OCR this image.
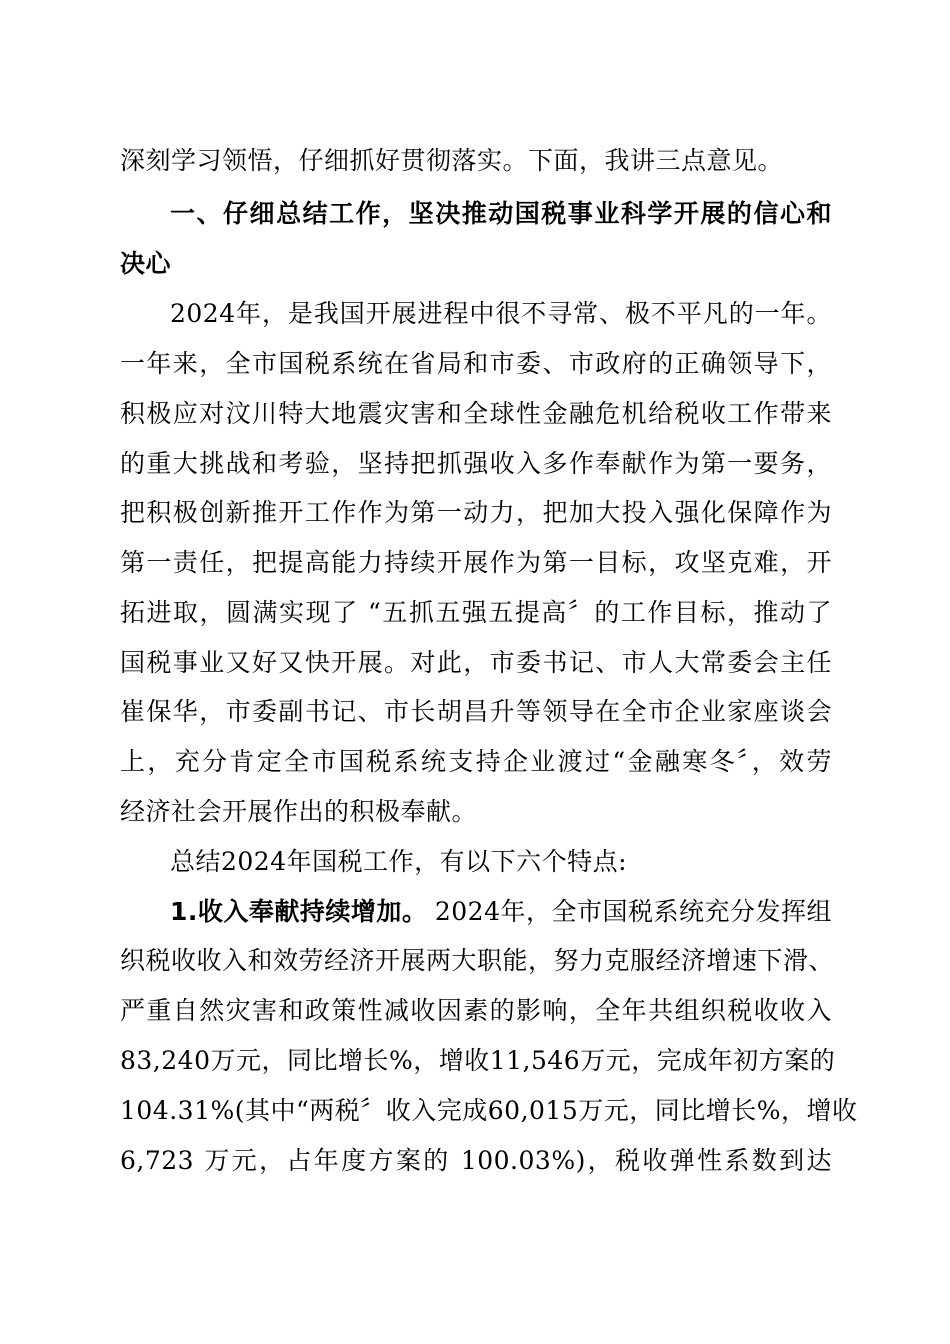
深刻学习领悟，仔细抓好贯彻落实。下面，我讲三点意见。
一、仔细总结工作，坚决推动国税事业科学开展的信心和
决心
2024年，是我国开展进程中很不寻常、极不平凡的一年。
一年来，全市国税系统在省局和市委、市政府的正确领导下，
积极应对汶川特大地震灾害和全球性金融危机给税收工作带来
的重大挑战和考验，坚持把抓强收入多作奉献作为第一要务，
把积极创新推开工作作为第一动力，把加大投入强化保障作为
第一责任，把提高能力持续开展作为第一目标，攻坚克难，开
拓进取，圆满实现了 “五抓五强五提高〞的工作目标，推动了
国税事业又好又快开展。对此，市委书记、市人大常委会主任
崔保华，市委副书记、市长胡昌升等领导在全市企业家座谈会
上，充分肯定全市国税系统支持企业渡过“金融寒冬〞，效劳
经济社会开展作出的积极奉献。
总结2024年国税工作，有以下六个特点:
1.收入奉献持续增加。 2024年，全市国税系统充分发挥组
织税收收入和效劳经济开展两大职能，努力克服经济增速下滑、
严重自然灾害和政策性减收因素的影响，全年共组织税收收入
83,240万元，同比增长%，增收11,546万元，完成年初方案的
104.31%(其中“两税〞收入完成60,015万元，同比增长%，增收
6,723 万元，占年度方案的 100.03%)，税收弹性系数到达
